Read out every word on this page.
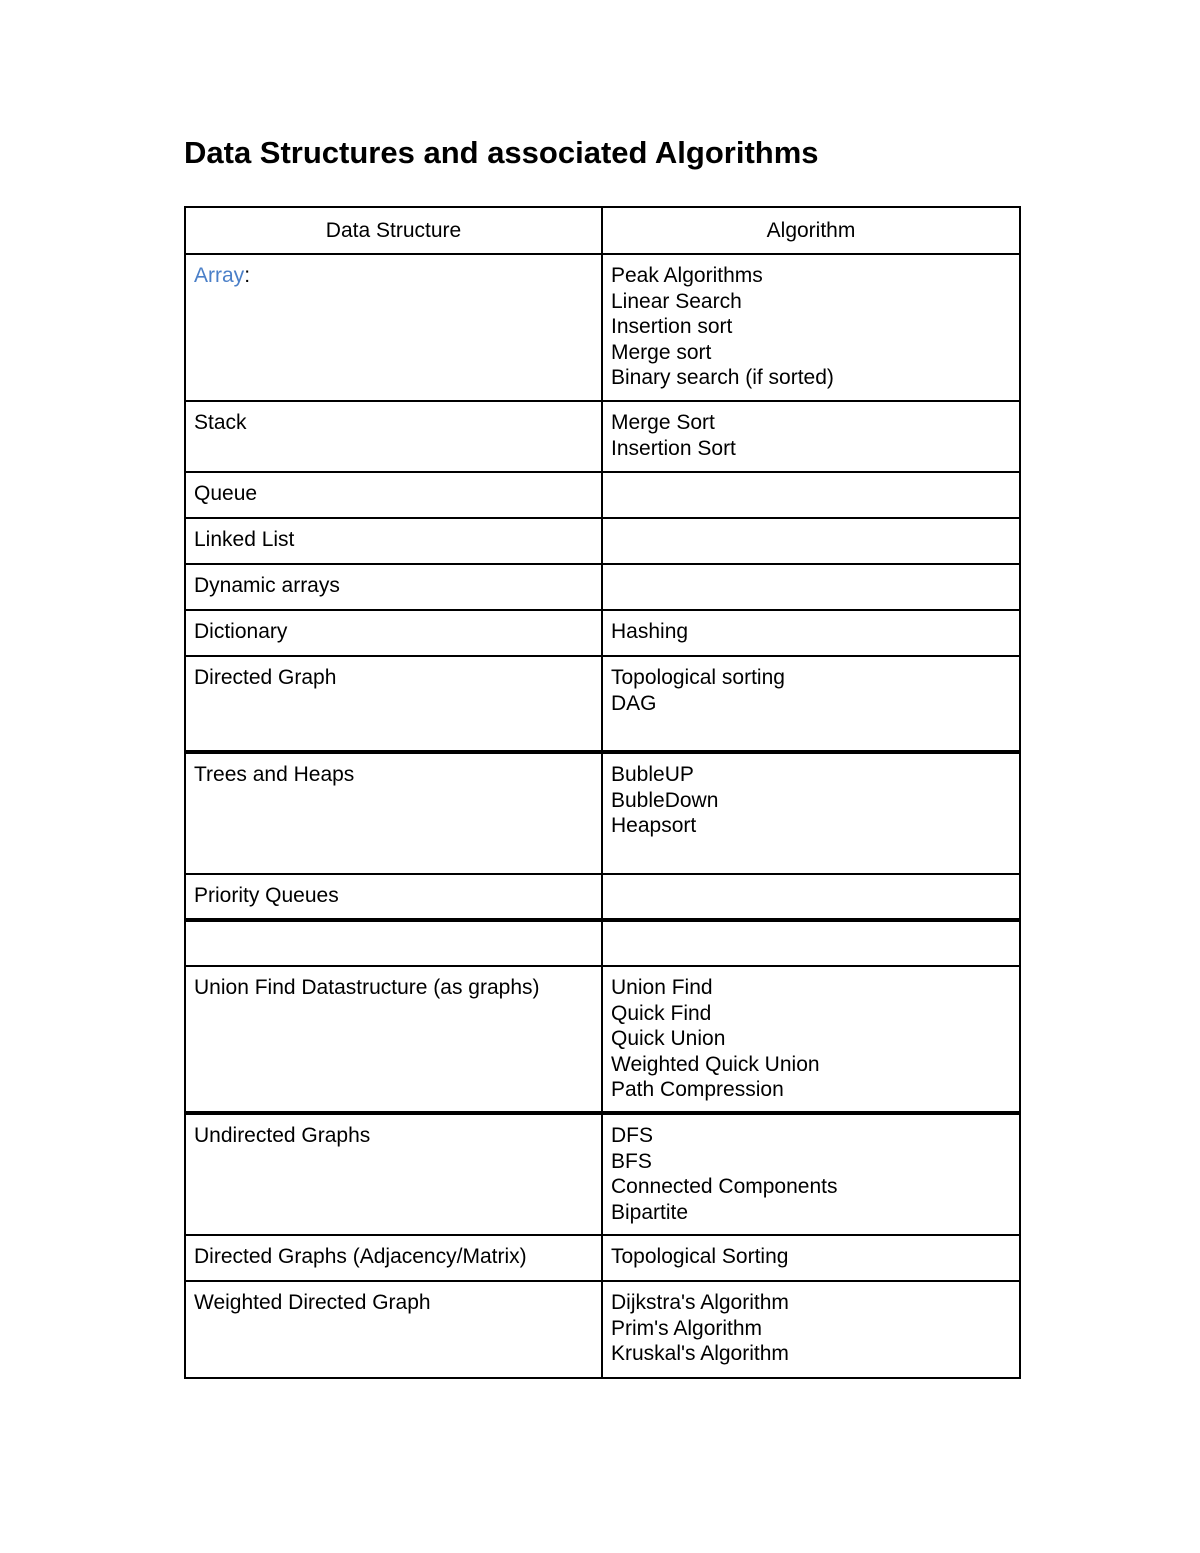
Data Structures and associated Algorithms
Data Structure	Algorithm
Array:	Peak Algorithms
Linear Search
Insertion sort
Merge sort
Binary search (if sorted)

Stack	Merge Sort
Insertion Sort

Queue	
Linked List	
Dynamic arrays	
Dictionary	Hashing

Directed Graph	Topological sorting
DAG

Trees and Heaps	BubleUP
BubleDown
Heapsort

Priority Queues	

Union Find Datastructure (as graphs)	Union Find
Quick Find
Quick Union
Weighted Quick Union
Path Compression

Undirected Graphs	DFS
BFS
Connected Components
Bipartite

Directed Graphs (Adjacency/Matrix)	Topological Sorting

Weighted Directed Graph	Dijkstra's Algorithm
Prim's Algorithm
Kruskal's Algorithm
